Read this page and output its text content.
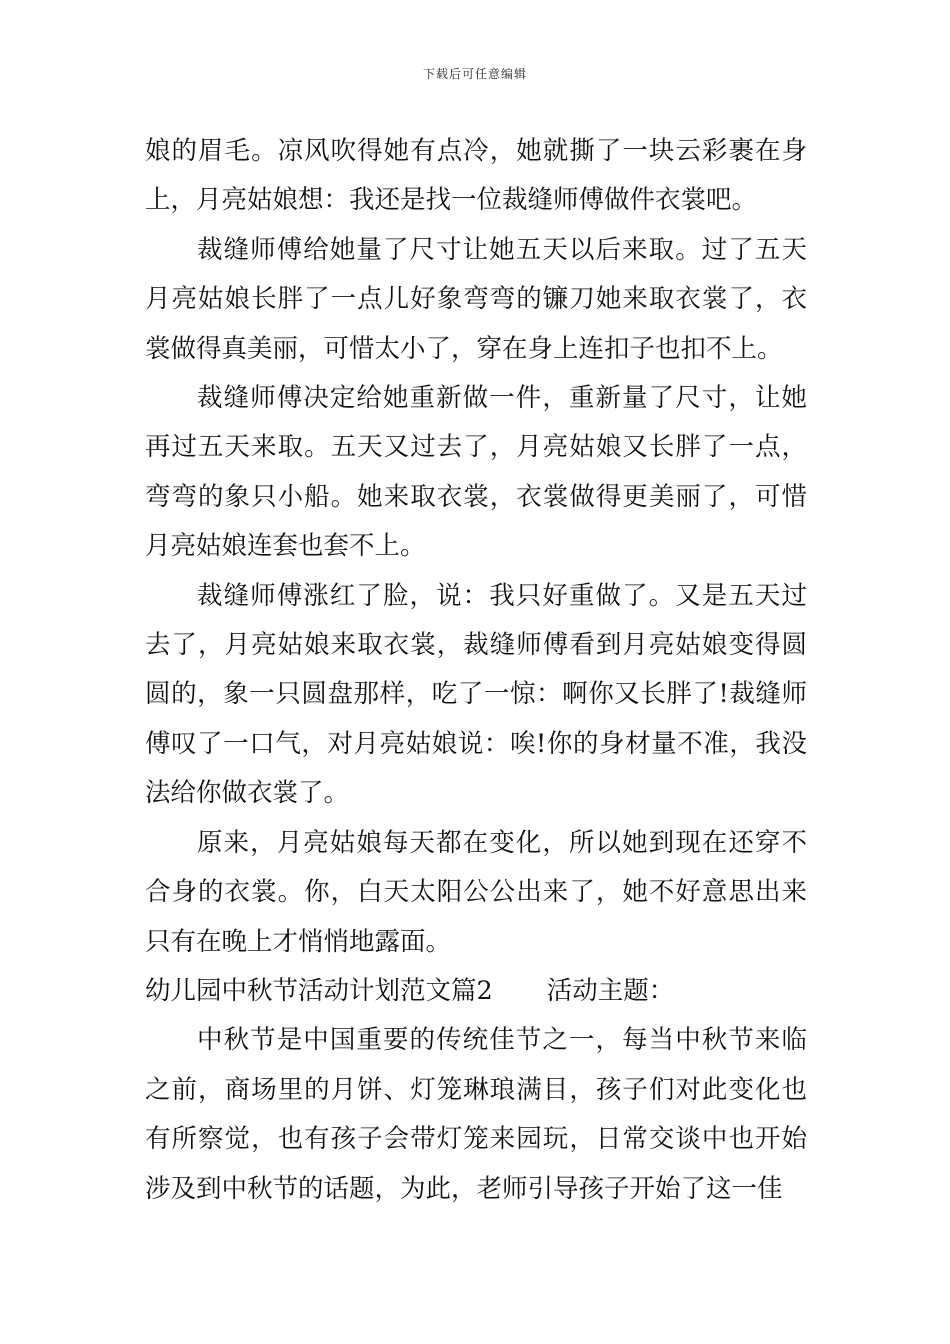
下载后可任意编辑

娘的眉毛。凉风吹得她有点冷，她就撕了一块云彩裹在身上，月亮姑娘想：我还是找一位裁缝师傅做件衣裳吧。

裁缝师傅给她量了尺寸让她五天以后来取。过了五天月亮姑娘长胖了一点儿好象弯弯的镰刀她来取衣裳了，衣裳做得真美丽，可惜太小了，穿在身上连扣子也扣不上。

裁缝师傅决定给她重新做一件，重新量了尺寸，让她再过五天来取。五天又过去了，月亮姑娘又长胖了一点，弯弯的象只小船。她来取衣裳，衣裳做得更美丽了，可惜月亮姑娘连套也套不上。

裁缝师傅涨红了脸，说：我只好重做了。又是五天过去了，月亮姑娘来取衣裳，裁缝师傅看到月亮姑娘变得圆圆的，象一只圆盘那样，吃了一惊：啊你又长胖了!裁缝师傅叹了一口气，对月亮姑娘说：唉!你的身材量不准，我没法给你做衣裳了。

原来，月亮姑娘每天都在变化，所以她到现在还穿不合身的衣裳。你，白天太阳公公出来了，她不好意思出来只有在晚上才悄悄地露面。

幼儿园中秋节活动计划范文篇2 活动主题：

中秋节是中国重要的传统佳节之一，每当中秋节来临之前，商场里的月饼、灯笼琳琅满目，孩子们对此变化也有所察觉，也有孩子会带灯笼来园玩，日常交谈中也开始涉及到中秋节的话题，为此，老师引导孩子开始了这一佳
